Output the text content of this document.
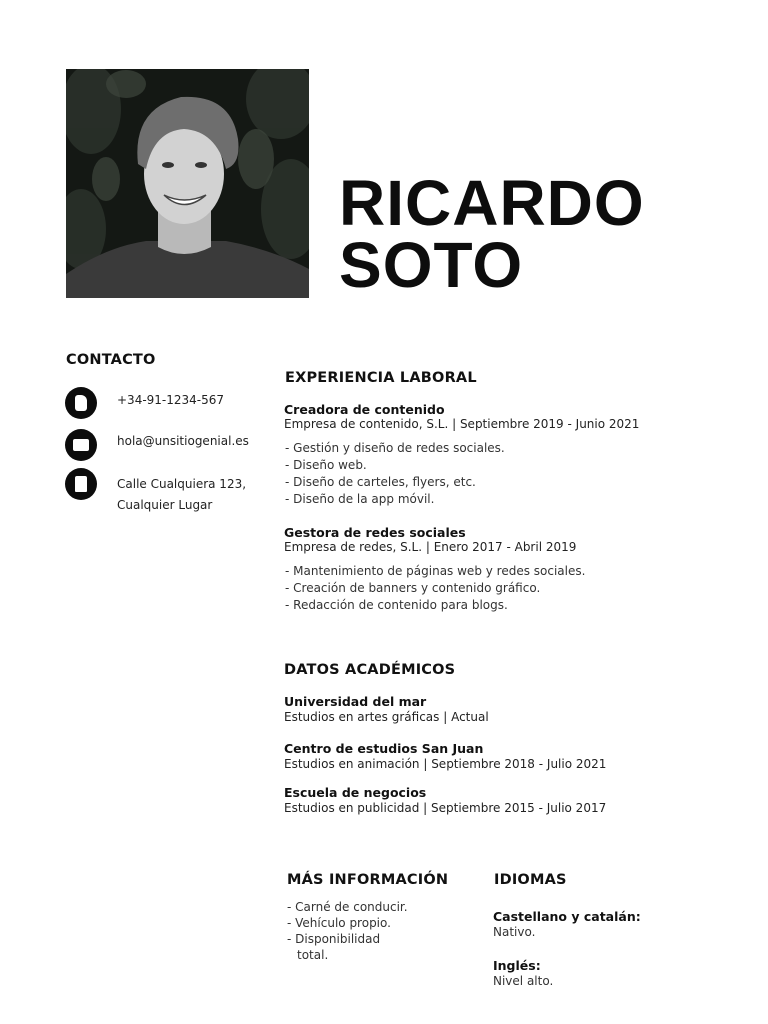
RICARDO
SOTO
CONTACTO
+34-91-1234-567
hola@unsitiogenial.es
Calle Cualquiera 123,
Cualquier Lugar
EXPERIENCIA LABORAL
Creadora de contenido
Empresa de contenido, S.L. | Septiembre 2019 - Junio 2021
- Gestión y diseño de redes sociales.
- Diseño web.
- Diseño de carteles, flyers, etc.
- Diseño de la app móvil.
Gestora de redes sociales
Empresa de redes, S.L. | Enero 2017 - Abril 2019
- Mantenimiento de páginas web y redes sociales.
- Creación de banners y contenido gráfico.
- Redacción de contenido para blogs.
DATOS ACADÉMICOS
Universidad del mar
Estudios en artes gráficas | Actual
Centro de estudios San Juan
Estudios en animación | Septiembre 2018 - Julio 2021
Escuela de negocios
Estudios en publicidad | Septiembre 2015 - Julio 2017
MÁS INFORMACIÓN
- Carné de conducir.
- Vehículo propio.
- Disponibilidad
total.
IDIOMAS
Castellano y catalán:
Nativo.
Inglés:
Nivel alto.
